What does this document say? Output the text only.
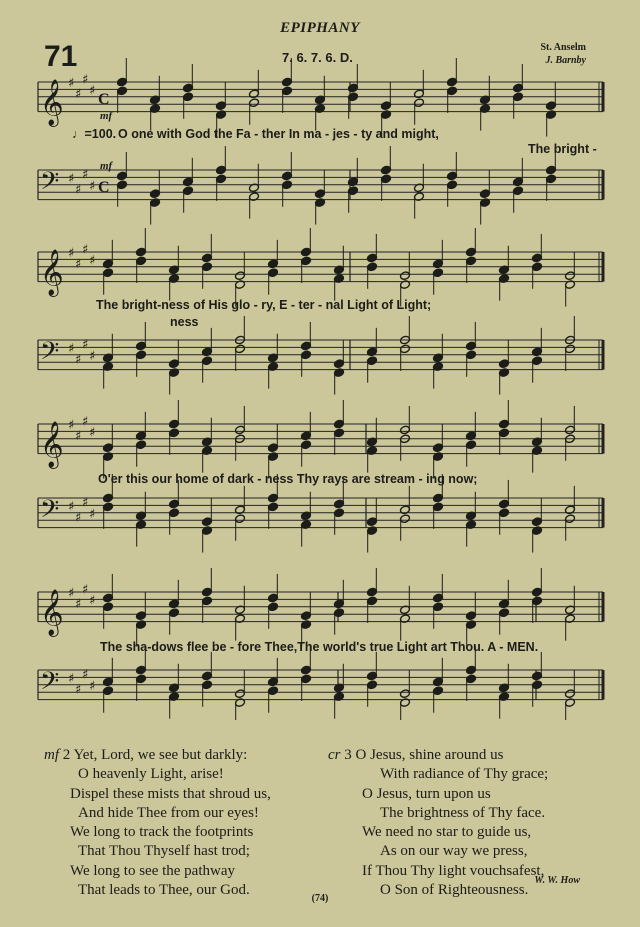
EPIPHANY
71	7. 6. 7. 6. D.
St. Anselm
J. Barnby
𝄞 ♯
♯
♯
♯
C
𝄢 ♯
♯
♯
♯ C
𝄞 ♯
♯
♯
♯
𝄢 ♯
♯
♯
♯
𝄞 ♯
♯
♯
♯
𝄢 ♯
♯
♯
♯
𝄞 ♯
♯
♯
♯
𝄢 ♯
♯
♯
♯
O one with God the Fa - ther In ma - jes - ty and might,
The bright -
♩=100.
mf
mf
The bright-ness of His glo - ry, E - ter - nal Light of Light;
ness
O'er this our home of dark - ness Thy rays are stream - ing now;
The sha-dows flee be - fore Thee,The world's true Light art Thou. A - MEN.
mf 2 Yet, Lord, we see but darkly:
O heavenly Light, arise!
Dispel these mists that shroud us,
And hide Thee from our eyes!
We long to track the footprints
That Thou Thyself hast trod;
We long to see the pathway
That leads to Thee, our God.
cr 3 O Jesus, shine around us
With radiance of Thy grace;
O Jesus, turn upon us
The brightness of Thy face.
We need no star to guide us,
As on our way we press,
If Thou Thy light vouchsafest,
O Son of Righteousness.
W. W. How
(74)
